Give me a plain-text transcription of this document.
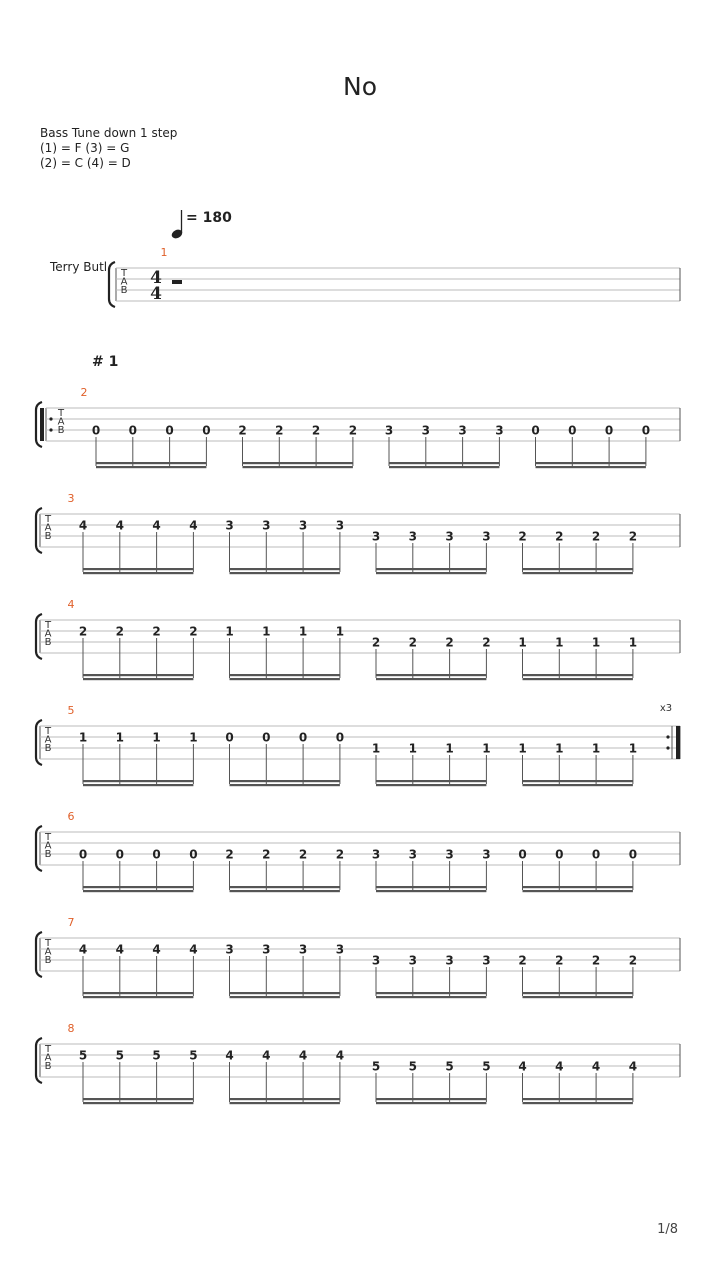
No
Bass Tune down 1 step
(1) = F (3) = G
(2) = C (4) = D
= 180
Terry Butl
# 1
T
A
B
4
4
1
T
A
B
2
0 0 0 0 2 2 2 2 3 3 3 3 0 0 0 0
T
A
B
3
4 4 4 4 3 3 3 3
3 3 3 3 2 2 2 2
T
A
B
4
2 2 2 2 1 1 1 1
2 2 2 2 1 1 1 1
T
A
B
x3
5
1 1 1 1 0 0 0 0
1 1 1 1 1 1 1 1
T
A
B
6
0 0 0 0 2 2 2 2 3 3 3 3 0 0 0 0
T
A
B
7
4 4 4 4 3 3 3 3
3 3 3 3 2 2 2 2
T
A
B
8
5 5 5 5 4 4 4 4
5 5 5 5 4 4 4 4
1/8
